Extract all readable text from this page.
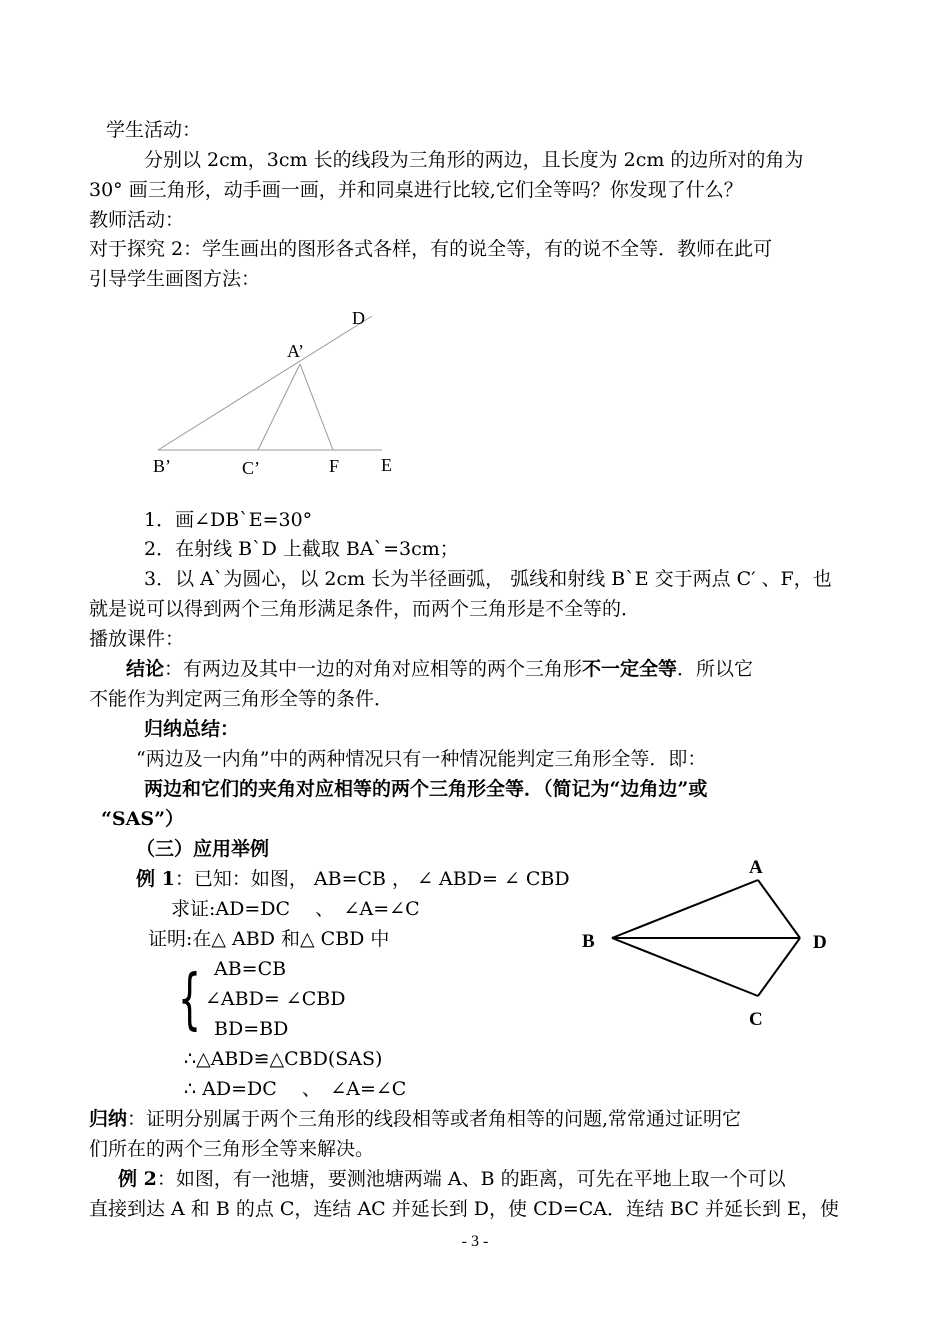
学生活动：
分别以 2cm，3cm 长的线段为三角形的两边，且长度为 2cm 的边所对的角为
30° 画三角形，动手画一画，并和同桌进行比较,它们全等吗？你发现了什么？
教师活动：
对于探究 2：学生画出的图形各式各样，有的说全等，有的说不全等．教师在此可
引导学生画图方法：
D
A’
B’	C’	F E
A
B
C
D
1．画∠DB`E=30°
2．在射线 B`D 上截取 BA`=3cm；
3．以 A`为圆心，以 2cm 长为半径画弧， 弧线和射线 B`E 交于两点 C′ 、F，也
就是说可以得到两个三角形满足条件，而两个三角形是不全等的．
播放课件：
结论：有两边及其中一边的对角对应相等的两个三角形不一定全等．所以它
不能作为判定两三角形全等的条件．
归纳总结：
“两边及一内角”中的两种情况只有一种情况能判定三角形全等．即：
两边和它们的夹角对应相等的两个三角形全等．（简记为“边角边”或
“SAS”）
（三）应用举例
例 1：已知：如图， AB=CB ， ∠ ABD= ∠ CBD
求证:AD=DC　 、　∠A=∠C
证明:在△ ABD 和△ CBD 中
{ AB=CB
∠ABD= ∠CBD
BD=BD
∴△ABD≌△CBD(SAS)
∴ AD=DC　 、　∠A=∠C
归纳：证明分别属于两个三角形的线段相等或者角相等的问题,常常通过证明它
们所在的两个三角形全等来解决。
例 2：如图，有一池塘，要测池塘两端 A、B 的距离，可先在平地上取一个可以
直接到达 A 和 B 的点 C，连结 AC 并延长到 D，使 CD=CA．连结 BC 并延长到 E，使
- 3 -
